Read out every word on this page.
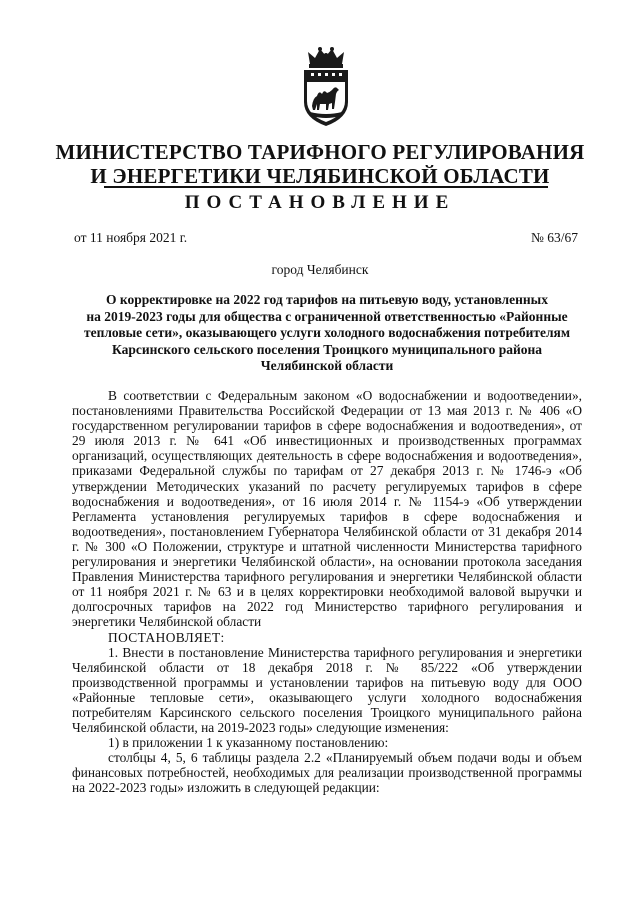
МИНИСТЕРСТВО ТАРИФНОГО РЕГУЛИРОВАНИЯ
И ЭНЕРГЕТИКИ ЧЕЛЯБИНСКОЙ ОБЛАСТИ
ПОСТАНОВЛЕНИЕ
от 11 ноября 2021 г.	№ 63/67
город Челябинск
О корректировке на 2022 год тарифов на питьевую воду, установленных
на 2019-2023 годы для общества с ограниченной ответственностью «Районные
тепловые сети», оказывающего услуги холодного водоснабжения потребителям
Карсинского сельского поселения Троицкого муниципального района
Челябинской области

В соответствии с Федеральным законом «О водоснабжении и водоотведении», постановлениями Правительства Российской Федерации от 13 мая 2013 г. № 406 «О государственном регулировании тарифов в сфере водоснабжения и водоотведения», от 29 июля 2013 г. № 641 «Об инвестиционных и производственных программах организаций, осуществляющих деятельность в сфере водоснабжения и водоотведения», приказами Федеральной службы по тарифам от 27 декабря 2013 г. № 1746-э «Об утверждении Методических указаний по расчету регулируемых тарифов в сфере водоснабжения и водоотведения», от 16 июля 2014 г. № 1154-э «Об утверждении Регламента установления регулируемых тарифов в сфере водоснабжения и водоотведения», постановлением Губернатора Челябинской области от 31 декабря 2014 г. № 300 «О Положении, структуре и штатной численности Министерства тарифного регулирования и энергетики Челябинской области», на основании протокола заседания Правления Министерства тарифного регулирования и энергетики Челябинской области от 11 ноября 2021 г. № 63 и в целях корректировки необходимой валовой выручки и долгосрочных тарифов на 2022 год Министерство тарифного регулирования и энергетики Челябинской области

ПОСТАНОВЛЯЕТ:

1. Внести в постановление Министерства тарифного регулирования и энергетики Челябинской области от 18 декабря 2018 г. № 85/222 «Об утверждении производственной программы и установлении тарифов на питьевую воду для ООО «Районные тепловые сети», оказывающего услуги холодного водоснабжения потребителям Карсинского сельского поселения Троицкого муниципального района Челябинской области, на 2019-2023 годы» следующие изменения:

1) в приложении 1 к указанному постановлению:

столбцы 4, 5, 6 таблицы раздела 2.2 «Планируемый объем подачи воды и объем финансовых потребностей, необходимых для реализации производственной программы на 2022-2023 годы» изложить в следующей редакции:
